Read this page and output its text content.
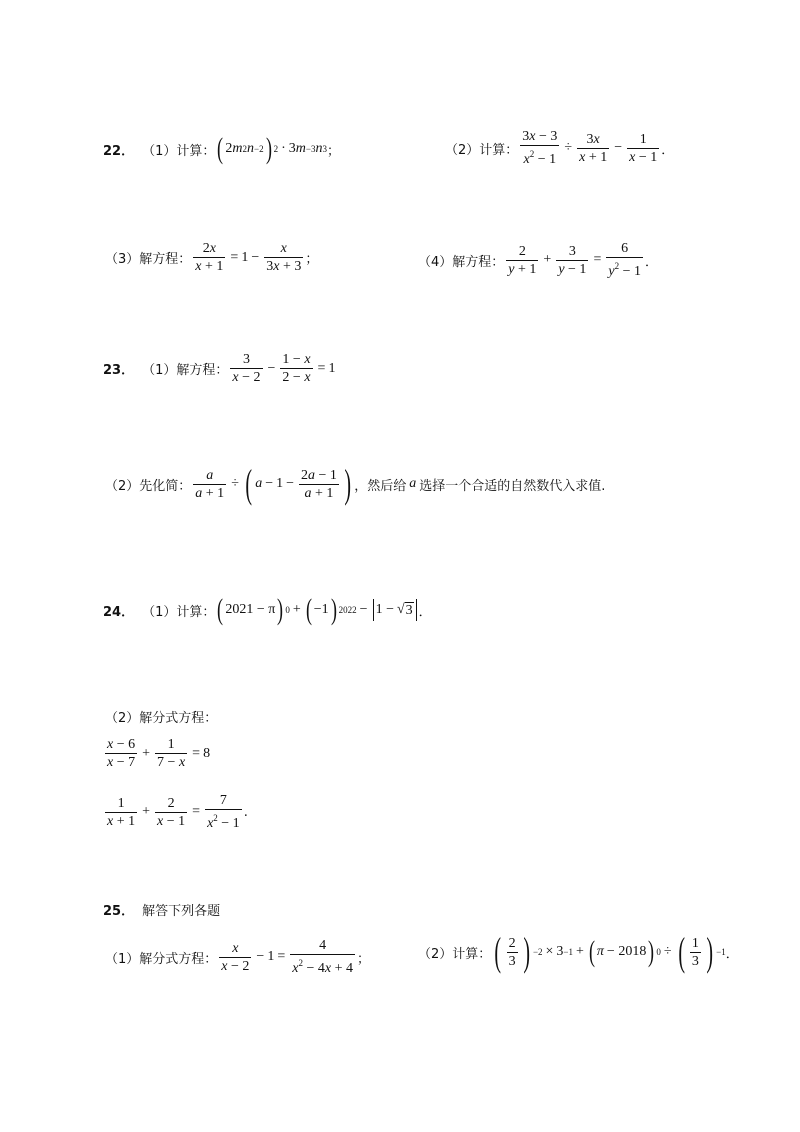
22． （1）计算： ( 2 m 2 n −2 ) 2 · 3 m −3 n 3 ；	（2）计算： $\frac{3x - 3}{x^2 - 1} \div \frac{3x}{x + 1} - \frac{1}{x - 1}$ ．
（3）解方程： $\frac{2x}{x + 1} = 1 - \frac{x}{3x + 3}$ ；	（4）解方程： $\frac{2}{y + 1} + \frac{3}{y - 1} = \frac{6}{y^2 - 1}$ ．
23． （1）解方程： $\frac{3}{x - 2} - \frac{1 - x}{2 - x} = 1$
（2）先化简： $\frac{a}{a + 1}$ ÷ ( $a - 1 - \frac{2a - 1}{a + 1}$ ) ，然后给 a 选择一个合适的自然数代入求值.
24． （1）计算： ( 2021 − π ) 0 + ( −1 ) 2022 − 1 − √ 3 ．
（2）解分式方程：
$\frac{x - 6}{x - 7} + \frac{1}{7 - x} = 8$
$\frac{1}{x + 1} + \frac{2}{x - 1} = \frac{7}{x^2 - 1}$ .
25． 解答下列各题
（1）解分式方程： $\frac{x}{x - 2} - 1 = \frac{4}{x^2 - 4x + 4}$ ；	（2）计算： ( $\frac{2}{3}$ ) −2 × 3 −1 + ( π − 2018 ) 0 ÷ ( $\frac{1}{3}$ ) −1 ．
